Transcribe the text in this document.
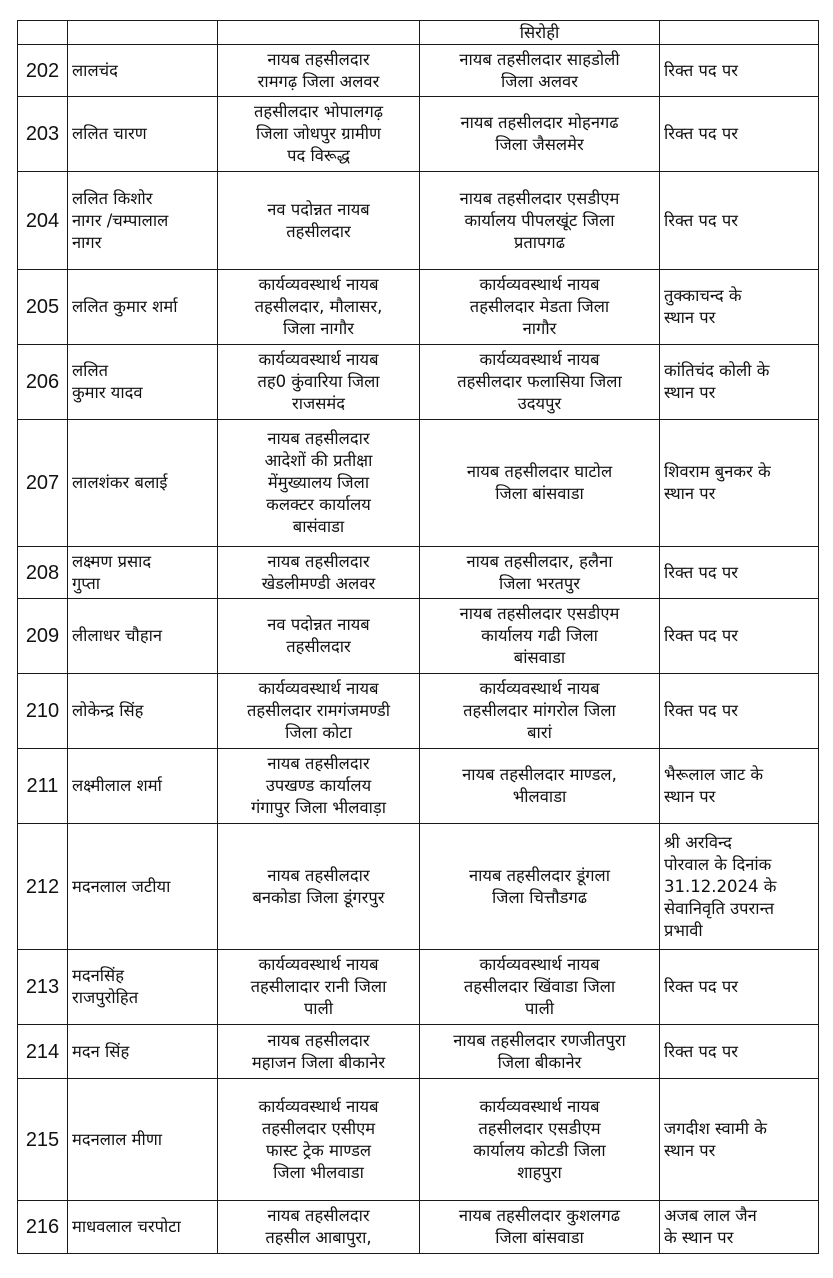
			सिरोही	

202	लालचंद	नायब तहसीलदार
रामगढ़ जिला अलवर	नायब तहसीलदार साहडोली
जिला अलवर	रिक्त पद पर

203	ललित चारण	तहसीलदार भोपालगढ़
जिला जोधपुर ग्रामीण
पद विरूद्ध	नायब तहसीलदार मोहनगढ
जिला जैसलमेर	रिक्त पद पर

204	ललित किशोर
नागर /चम्पालाल
नागर	नव पदोन्नत नायब
तहसीलदार	नायब तहसीलदार एसडीएम
कार्यालय पीपलखूंट जिला
प्रतापगढ	रिक्त पद पर

205	ललित कुमार शर्मा	कार्यव्यवस्थार्थ नायब
तहसीलदार, मौलासर,
जिला नागौर	कार्यव्यवस्थार्थ नायब
तहसीलदार मेडता जिला
नागौर	तुक्काचन्द के
स्थान पर

206	ललित
कुमार यादव	कार्यव्यवस्थार्थ नायब
तह0 कुंवारिया जिला
राजसमंद	कार्यव्यवस्थार्थ नायब
तहसीलदार फलासिया जिला
उदयपुर	कांतिचंद कोली के
स्थान पर

207	लालशंकर बलाई	नायब तहसीलदार
आदेशों की प्रतीक्षा
मेंमुख्यालय जिला
कलक्टर कार्यालय
बासंवाडा	नायब तहसीलदार घाटोल
जिला बांसवाडा	शिवराम बुनकर के
स्थान पर

208	लक्ष्मण प्रसाद
गुप्ता	नायब तहसीलदार
खेडलीमण्डी अलवर	नायब तहसीलदार, हलैना
जिला भरतपुर	रिक्त पद पर

209	लीलाधर चौहान	नव पदोन्नत नायब
तहसीलदार	नायब तहसीलदार एसडीएम
कार्यालय गढी जिला
बांसवाडा	रिक्त पद पर

210	लोकेन्द्र सिंह	कार्यव्यवस्थार्थ नायब
तहसीलदार रामगंजमण्डी
जिला कोटा	कार्यव्यवस्थार्थ नायब
तहसीलदार मांगरोल जिला
बारां	रिक्त पद पर

211	लक्ष्मीलाल शर्मा	नायब तहसीलदार
उपखण्ड कार्यालय
गंगापुर जिला भीलवाड़ा	नायब तहसीलदार माण्डल,
भीलवाडा	भैरूलाल जाट के
स्थान पर

212	मदनलाल जटीया	नायब तहसीलदार
बनकोडा जिला डूंगरपुर	नायब तहसीलदार डूंगला
जिला चित्तौडगढ	श्री अरविन्द
पोरवाल के दिनांक
31.12.2024 के
सेवानिवृति उपरान्त
प्रभावी

213	मदनसिंह
राजपुरोहित	कार्यव्यवस्थार्थ नायब
तहसीलादार रानी जिला
पाली	कार्यव्यवस्थार्थ नायब
तहसीलदार खिंवाडा जिला
पाली	रिक्त पद पर

214	मदन सिंह	नायब तहसीलदार
महाजन जिला बीकानेर	नायब तहसीलदार रणजीतपुरा
जिला बीकानेर	रिक्त पद पर

215	मदनलाल मीणा	कार्यव्यवस्थार्थ नायब
तहसीलदार एसीएम
फास्ट ट्रेक माण्डल
जिला भीलवाडा	कार्यव्यवस्थार्थ नायब
तहसीलदार एसडीएम
कार्यालय कोटडी जिला
शाहपुरा	जगदीश स्वामी के
स्थान पर

216	माधवलाल चरपोटा	नायब तहसीलदार
तहसील आबापुरा,	नायब तहसीलदार कुशलगढ
जिला बांसवाडा	अजब लाल जैन
के स्थान पर
